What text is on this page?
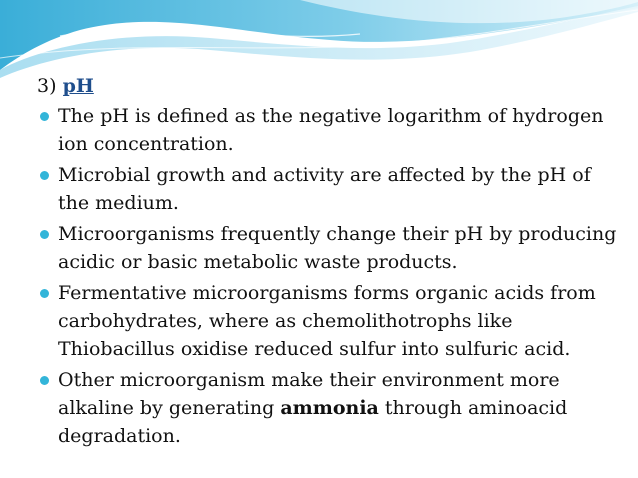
3) pH
The pH is defined as the negative logarithm of hydrogen ion concentration.
Microbial growth and activity are affected by the pH of the medium.
Microorganisms frequently change their pH by producing acidic or basic metabolic waste products.
Fermentative microorganisms forms organic acids from carbohydrates, where as chemolithotrophs like Thiobacillus oxidise reduced sulfur into sulfuric acid.
Other microorganism make their environment more alkaline by generating ammonia through aminoacid degradation.
